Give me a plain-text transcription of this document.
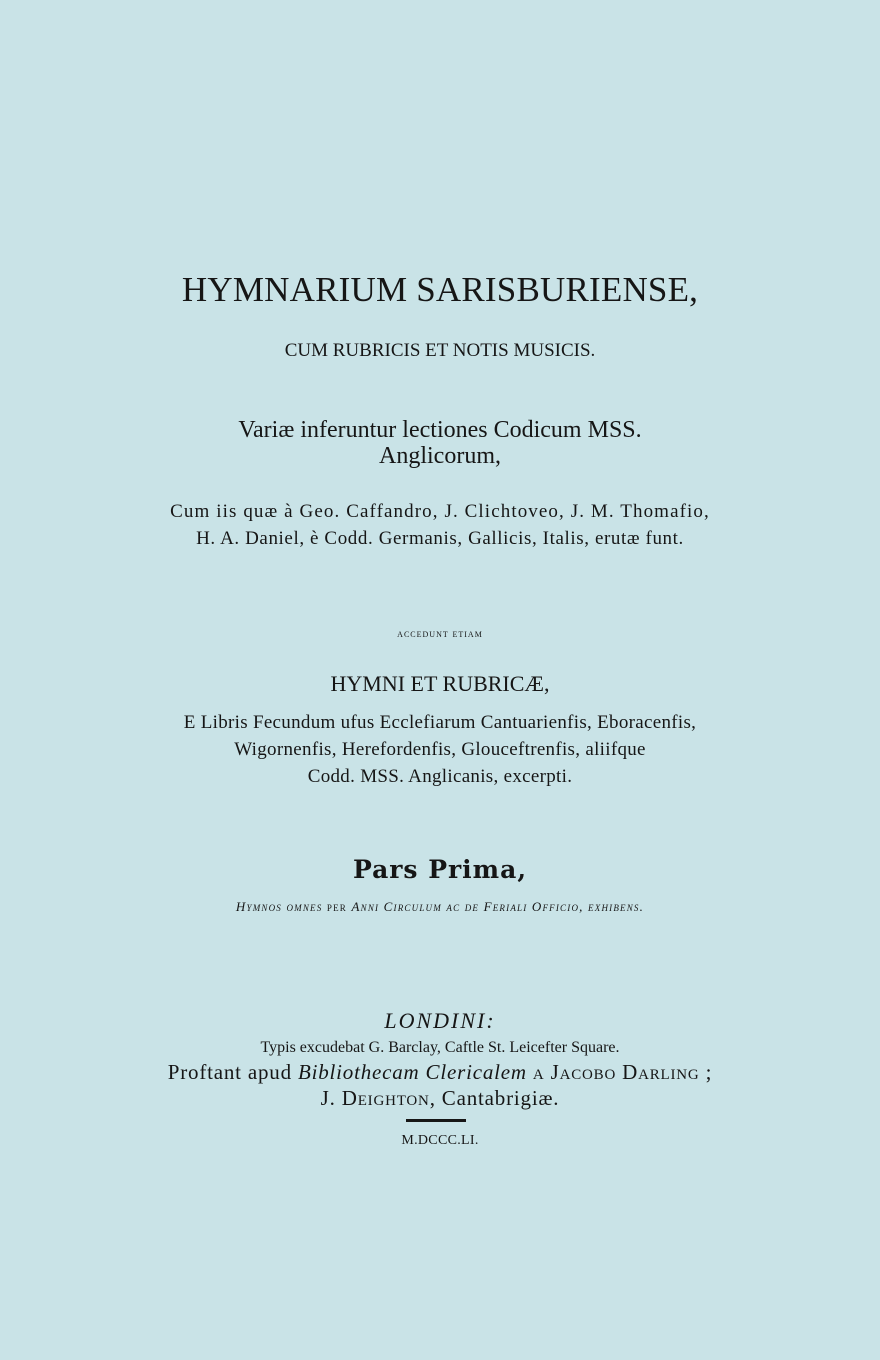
HYMNARIUM SARISBURIENSE,
CUM RUBRICIS ET NOTIS MUSICIS.
Variæ inferuntur lectiones Codicum MSS.
Anglicorum,
Cum iis quæ à Geo. Caffandro, J. Clichtoveo, J. M. Thomafio,
H. A. Daniel, è Codd. Germanis, Gallicis, Italis, erutæ funt.
accedunt etiam
HYMNI ET RUBRICÆ,
E Libris Fecundum ufus Ecclefiarum Cantuarienfis, Eboracenfis,
Wigornenfis, Herefordenfis, Glouceftrenfis, aliifque
Codd. MSS. Anglicanis, excerpti.
Pars Prima,
Hymnos omnes per Anni Circulum ac de Feriali Officio, exhibens.
LONDINI:
Typis excudebat G. Barclay, Caftle St. Leicefter Square.
Proftant apud Bibliothecam Clericalem a Jacobo Darling ;
J. Deighton, Cantabrigiæ.
M.DCCC.LI.
